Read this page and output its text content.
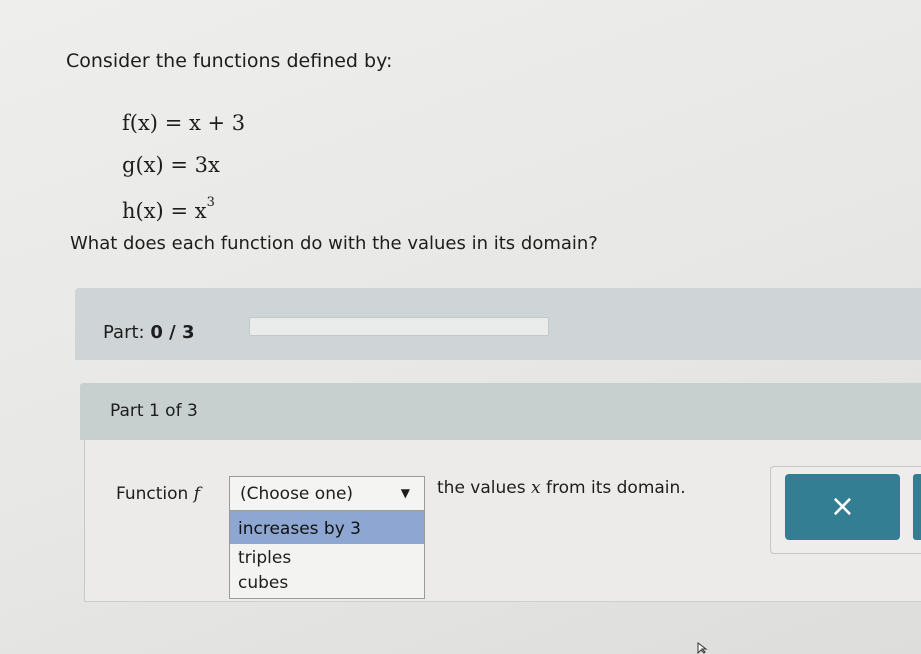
Consider the functions defined by:
f(x) = x + 3
g(x) = 3x
$h(x) = x^3$
What does each function do with the values in its domain?
Part: 0 / 3
Part 1 of 3
Function f	(Choose one)	▼ the values x from its domain.
increases by 3
triples
cubes
×
